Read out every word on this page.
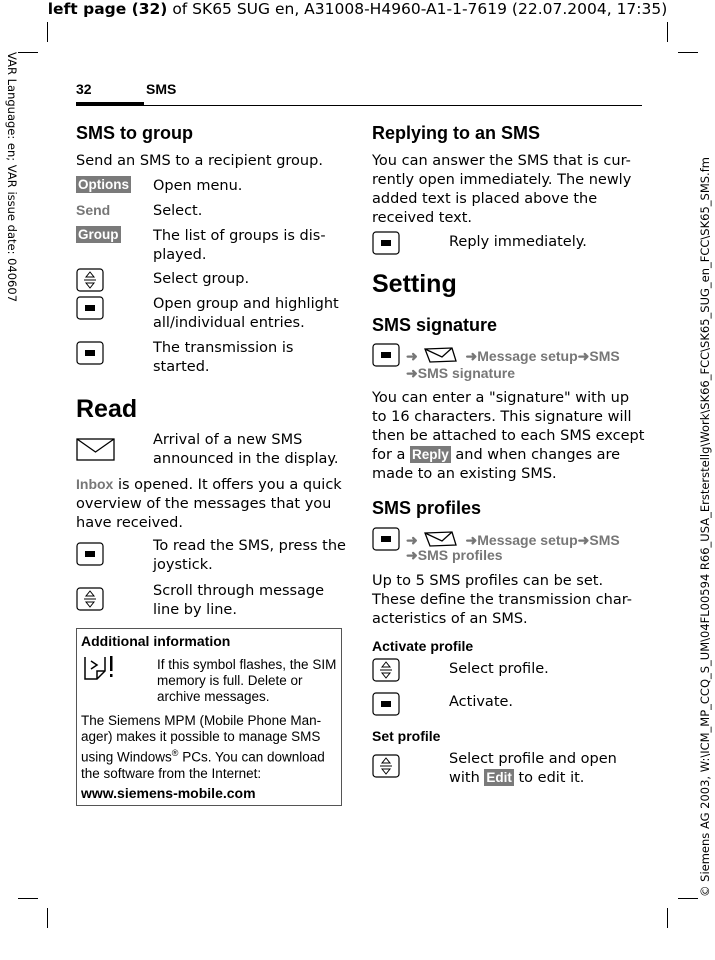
left page (32) of SK65 SUG en, A31008-H4960-A1-1-7619 (22.07.2004, 17:35)
VAR Language: en; VAR issue date: 040607	© Siemens AG 2003, W:\ICM_MP_CCQ_S_UM\04FL00594 R66_USA_Ersterstellg\Work\SK66_FCC\SK65_SUG_en_FCC\SK65_SMS.fm
32	SMS
SMS to group
Send an SMS to a recipient group.
Options Open menu.
Send	Select.
Group The list of groups is dis-
played.
Select group.
Open group and highlight
all/individual entries.
The transmission is
started.
Read
Arrival of a new SMS
announced in the display.
Inbox is opened. It offers you a quick
overview of the messages that you
have received.
To read the SMS, press the
joystick.
Scroll through message
line by line.
Additional information
If this symbol flashes, the SIM
memory is full. Delete or
archive messages.
The Siemens MPM (Mobile Phone Man-
ager) makes it possible to manage SMS
using Windows® PCs. You can download
the software from the Internet:
www.siemens-mobile.com
Replying to an SMS
You can answer the SMS that is cur-
rently open immediately. The newly
added text is placed above the
received text.
Reply immediately.
Setting
SMS signature
➜	➜Message setup➜SMS
➜SMS signature
You can enter a "signature" with up
to 16 characters. This signature will
then be attached to each SMS except
for a Reply and when changes are
made to an existing SMS.
SMS profiles
➜	➜Message setup➜SMS
➜SMS profiles
Up to 5 SMS profiles can be set.
These define the transmission char-
acteristics of an SMS.
Activate profile
Select profile.
Activate.
Set profile
Select profile and open
with Edit to edit it.
